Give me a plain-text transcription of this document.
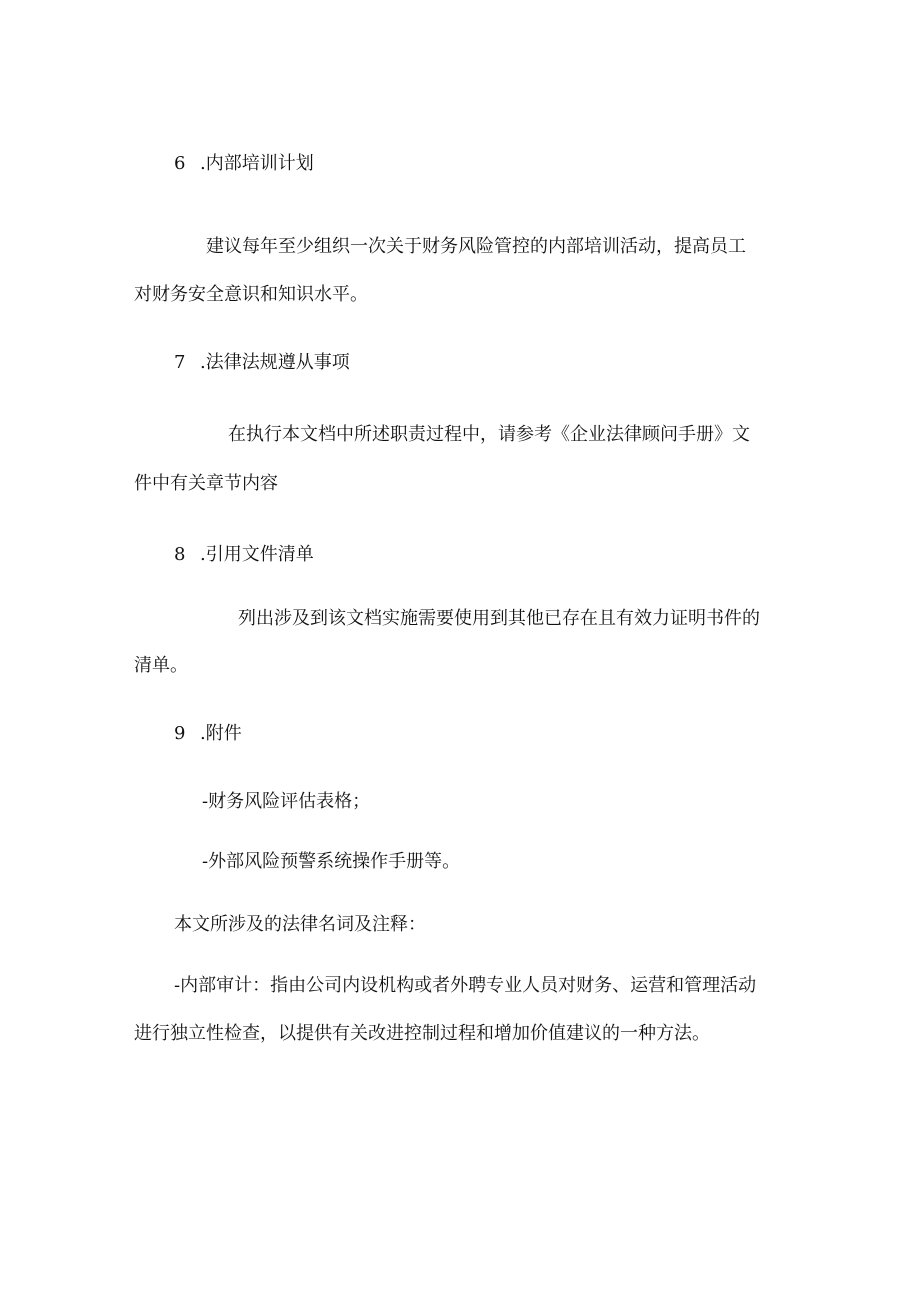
6 .内部培训计划
建议每年至少组织一次关于财务风险管控的内部培训活动，提高员工
对财务安全意识和知识水平。
7 .法律法规遵从事项
在执行本文档中所述职责过程中，请参考《企业法律顾问手册》文
件中有关章节内容
8 .引用文件清单
列出涉及到该文档实施需要使用到其他已存在且有效力证明书件的
清单。
9 .附件
-财务风险评估表格；
-外部风险预警系统操作手册等。
本文所涉及的法律名词及注释：
-内部审计：指由公司内设机构或者外聘专业人员对财务、运营和管理活动
进行独立性检查，以提供有关改进控制过程和增加价值建议的一种方法。
